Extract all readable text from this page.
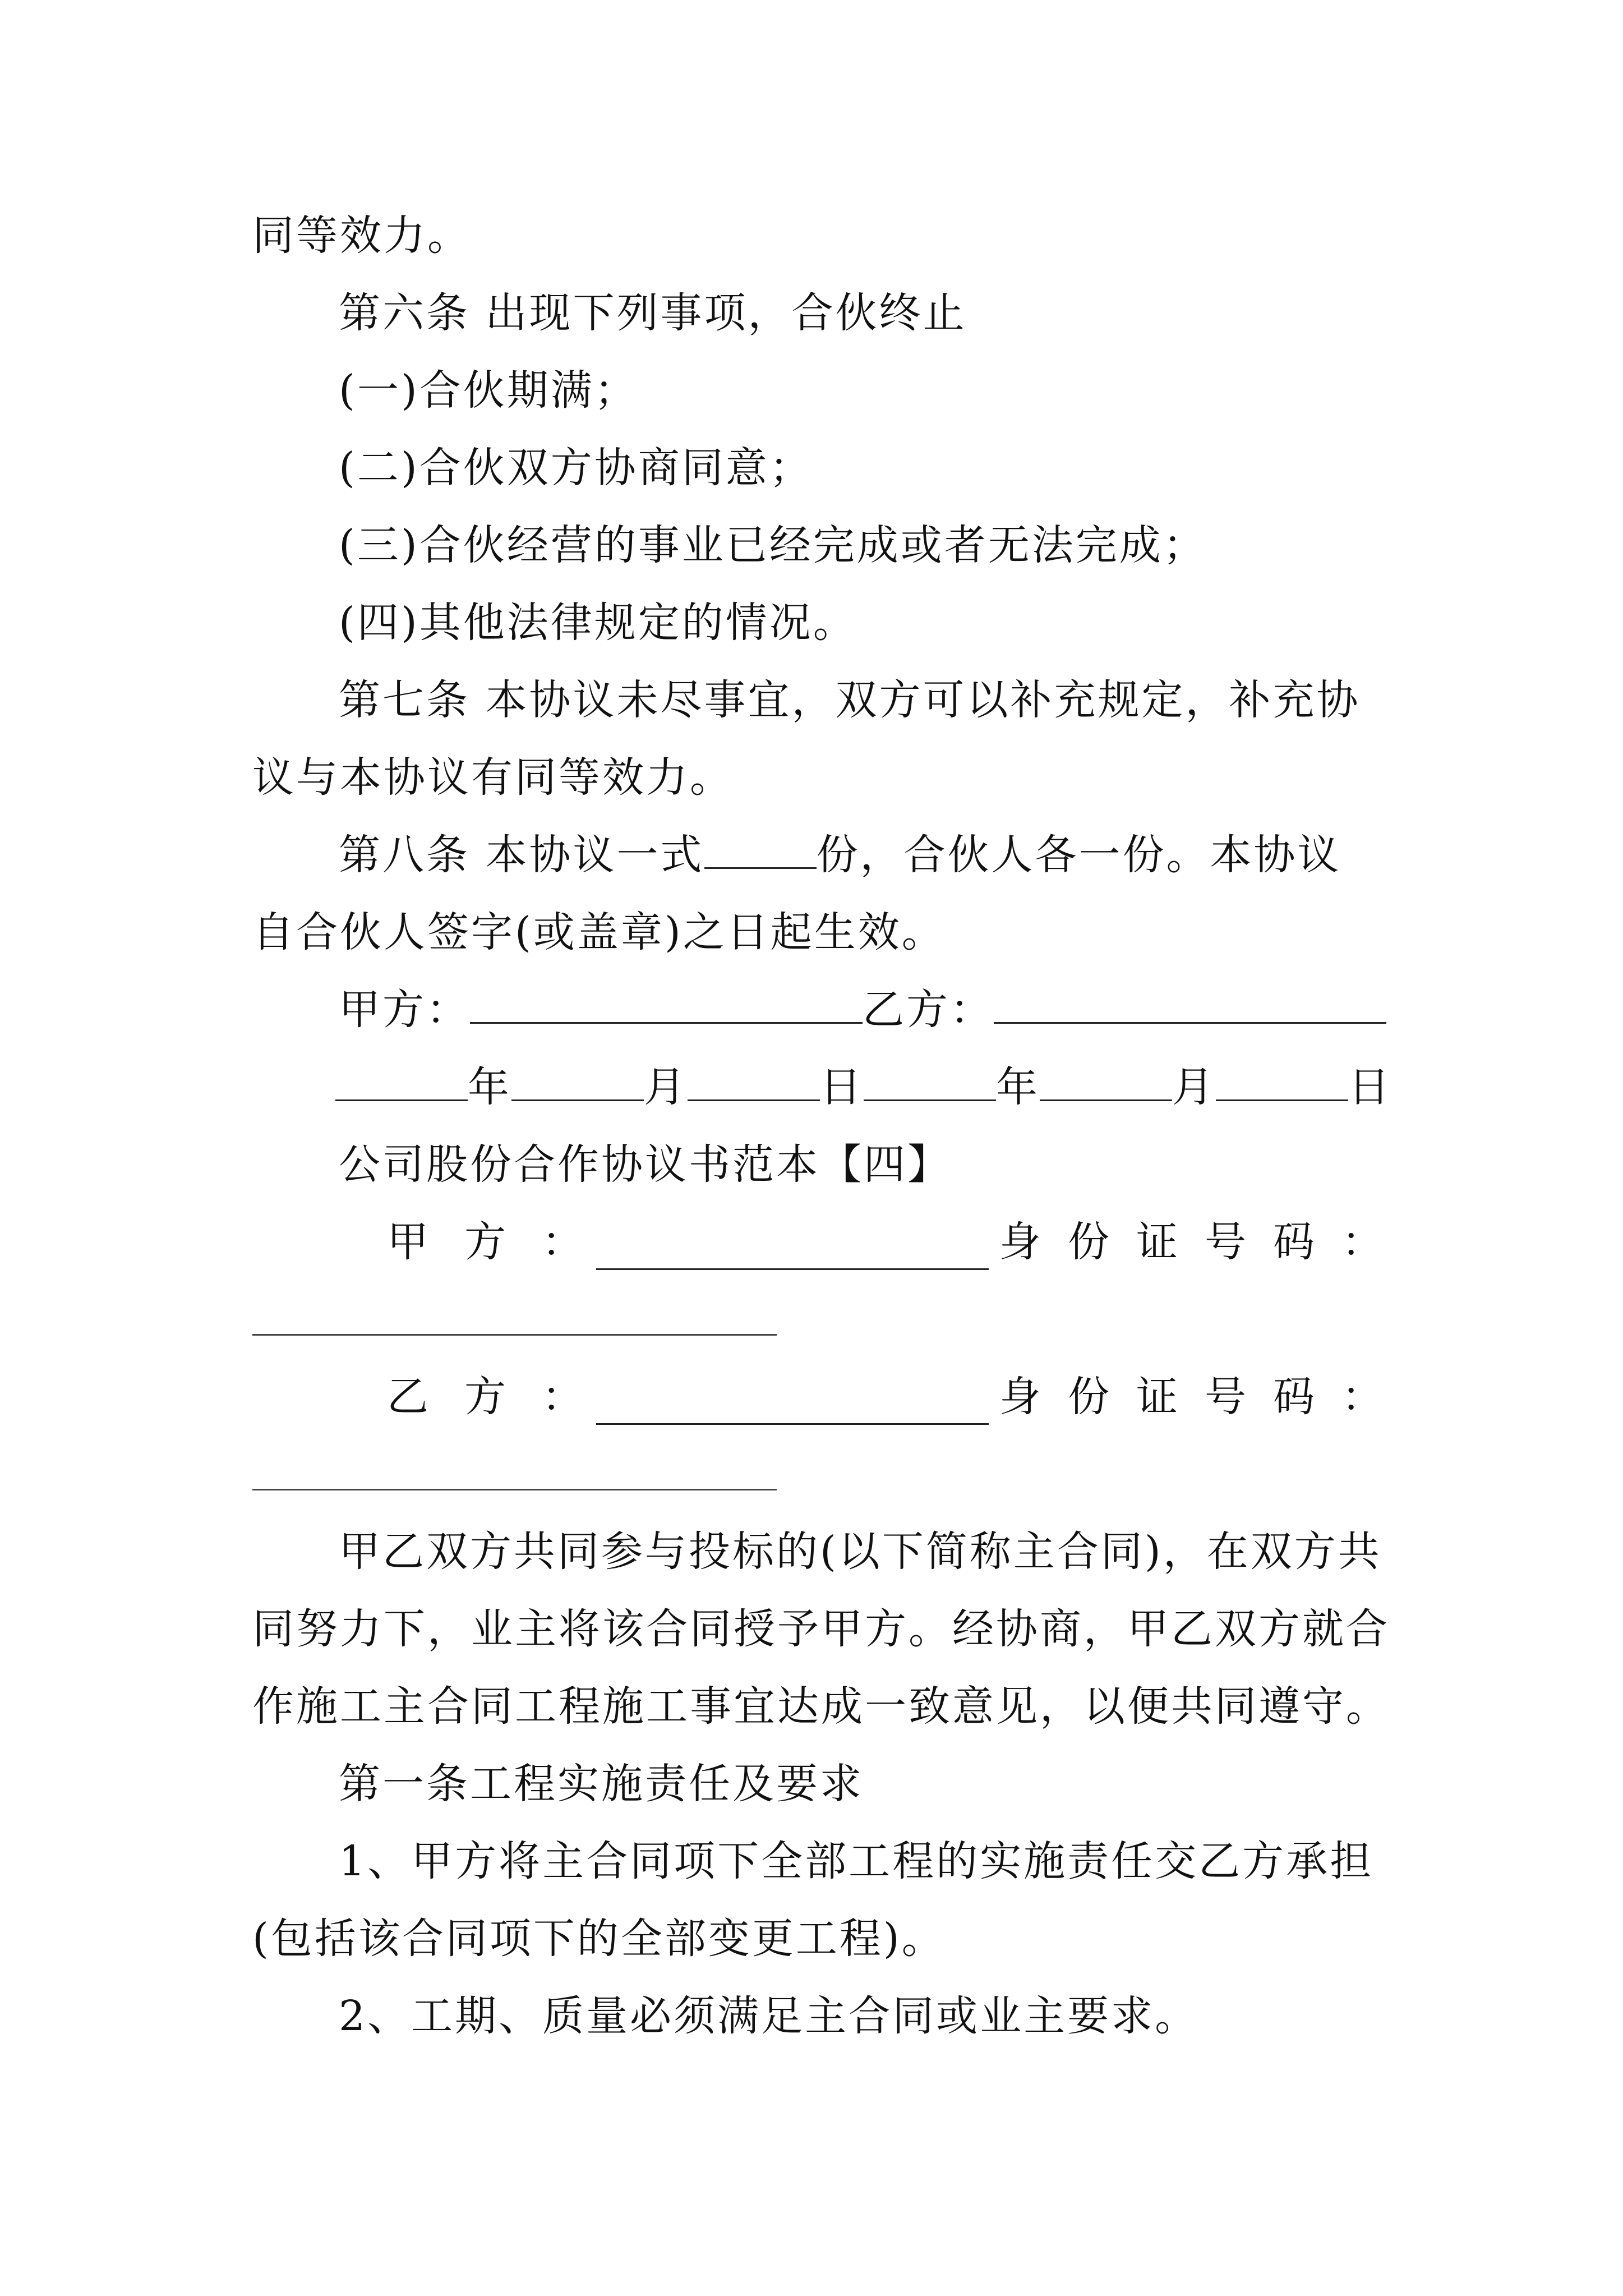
同等效力。
第六条 出现下列事项，合伙终止
(一)合伙期满；
(二)合伙双方协商同意；
(三)合伙经营的事业已经完成或者无法完成；
(四)其他法律规定的情况。
第七条 本协议未尽事宜，双方可以补充规定，补充协
议与本协议有同等效力。
第八条 本协议一式	份，合伙人各一份。本协议
自合伙人签字(或盖章)之日起生效。
甲方：	乙方：
年	月	日	年	月	日
公司股份合作协议书范本【四】
甲 方 ：	身 份 证 号 码 ：
乙 方 ：	身 份 证 号 码 ：
甲乙双方共同参与投标的(以下简称主合同)，在双方共
同努力下，业主将该合同授予甲方。经协商，甲乙双方就合
作施工主合同工程施工事宜达成一致意见，以便共同遵守。
第一条工程实施责任及要求
1、甲方将主合同项下全部工程的实施责任交乙方承担
(包括该合同项下的全部变更工程)。
2、工期、质量必须满足主合同或业主要求。
